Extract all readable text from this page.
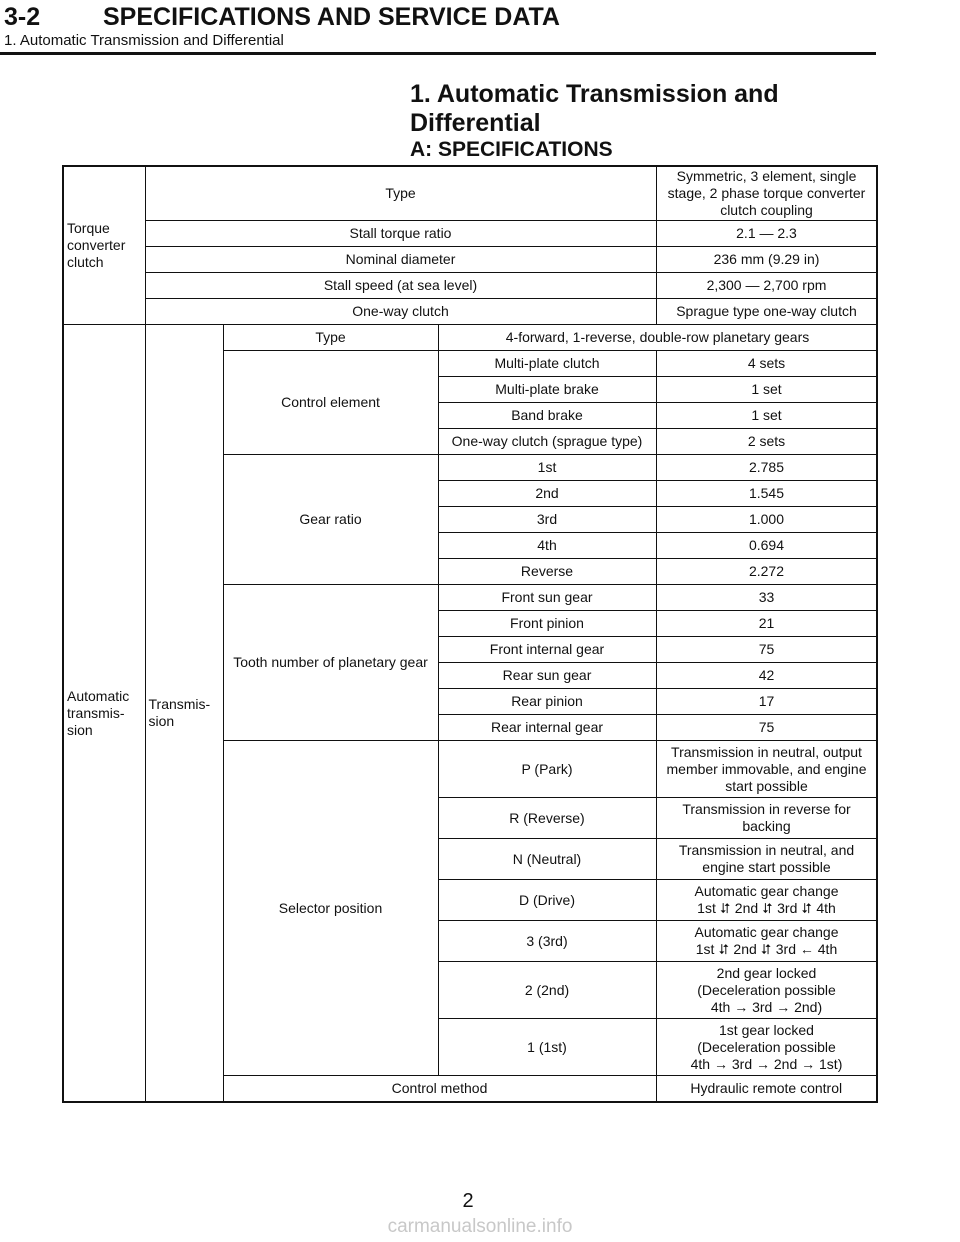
3-2	SPECIFICATIONS AND SERVICE DATA
1. Automatic Transmission and Differential
1. Automatic Transmission and
Differential
A: SPECIFICATIONS
Torque converter clutch	Type			Symmetric, 3 element, single stage, 2 phase torque converter clutch coupling
	Stall torque ratio			2.1 — 2.3
	Nominal diameter			236 mm (9.29 in)
	Stall speed (at sea level)			2,300 — 2,700 rpm
	One-way clutch			Sprague type one-way clutch
Automatic transmis- sion	Transmis- sion	Type	4-forward, 1-reverse, double-row planetary gears	
		Control element	Multi-plate clutch	4 sets
			Multi-plate brake	1 set
			Band brake	1 set
			One-way clutch (sprague type)	2 sets
		Gear ratio	1st	2.785
			2nd	1.545
			3rd	1.000
			4th	0.694
			Reverse	2.272
		Tooth number of planetary gear	Front sun gear	33
			Front pinion	21
			Front internal gear	75
			Rear sun gear	42
			Rear pinion	17
			Rear internal gear	75
		Selector position	P (Park)	Transmission in neutral, output
member immovable, and engine
start possible

			R (Reverse)	Transmission in reverse for
backing

			N (Neutral)	Transmission in neutral, and
engine start possible

			D (Drive)	Automatic gear change
1st ⮃ 2nd ⮃ 3rd ⮃ 4th

			3 (3rd)	Automatic gear change
1st ⮃ 2nd ⮃ 3rd ← 4th

			2 (2nd)	2nd gear locked
(Deceleration possible
4th → 3rd → 2nd)

			1 (1st)	1st gear locked
(Deceleration possible
4th → 3rd → 2nd → 1st)

		Control method		Hydraulic remote control
2
carmanualsonline.info
